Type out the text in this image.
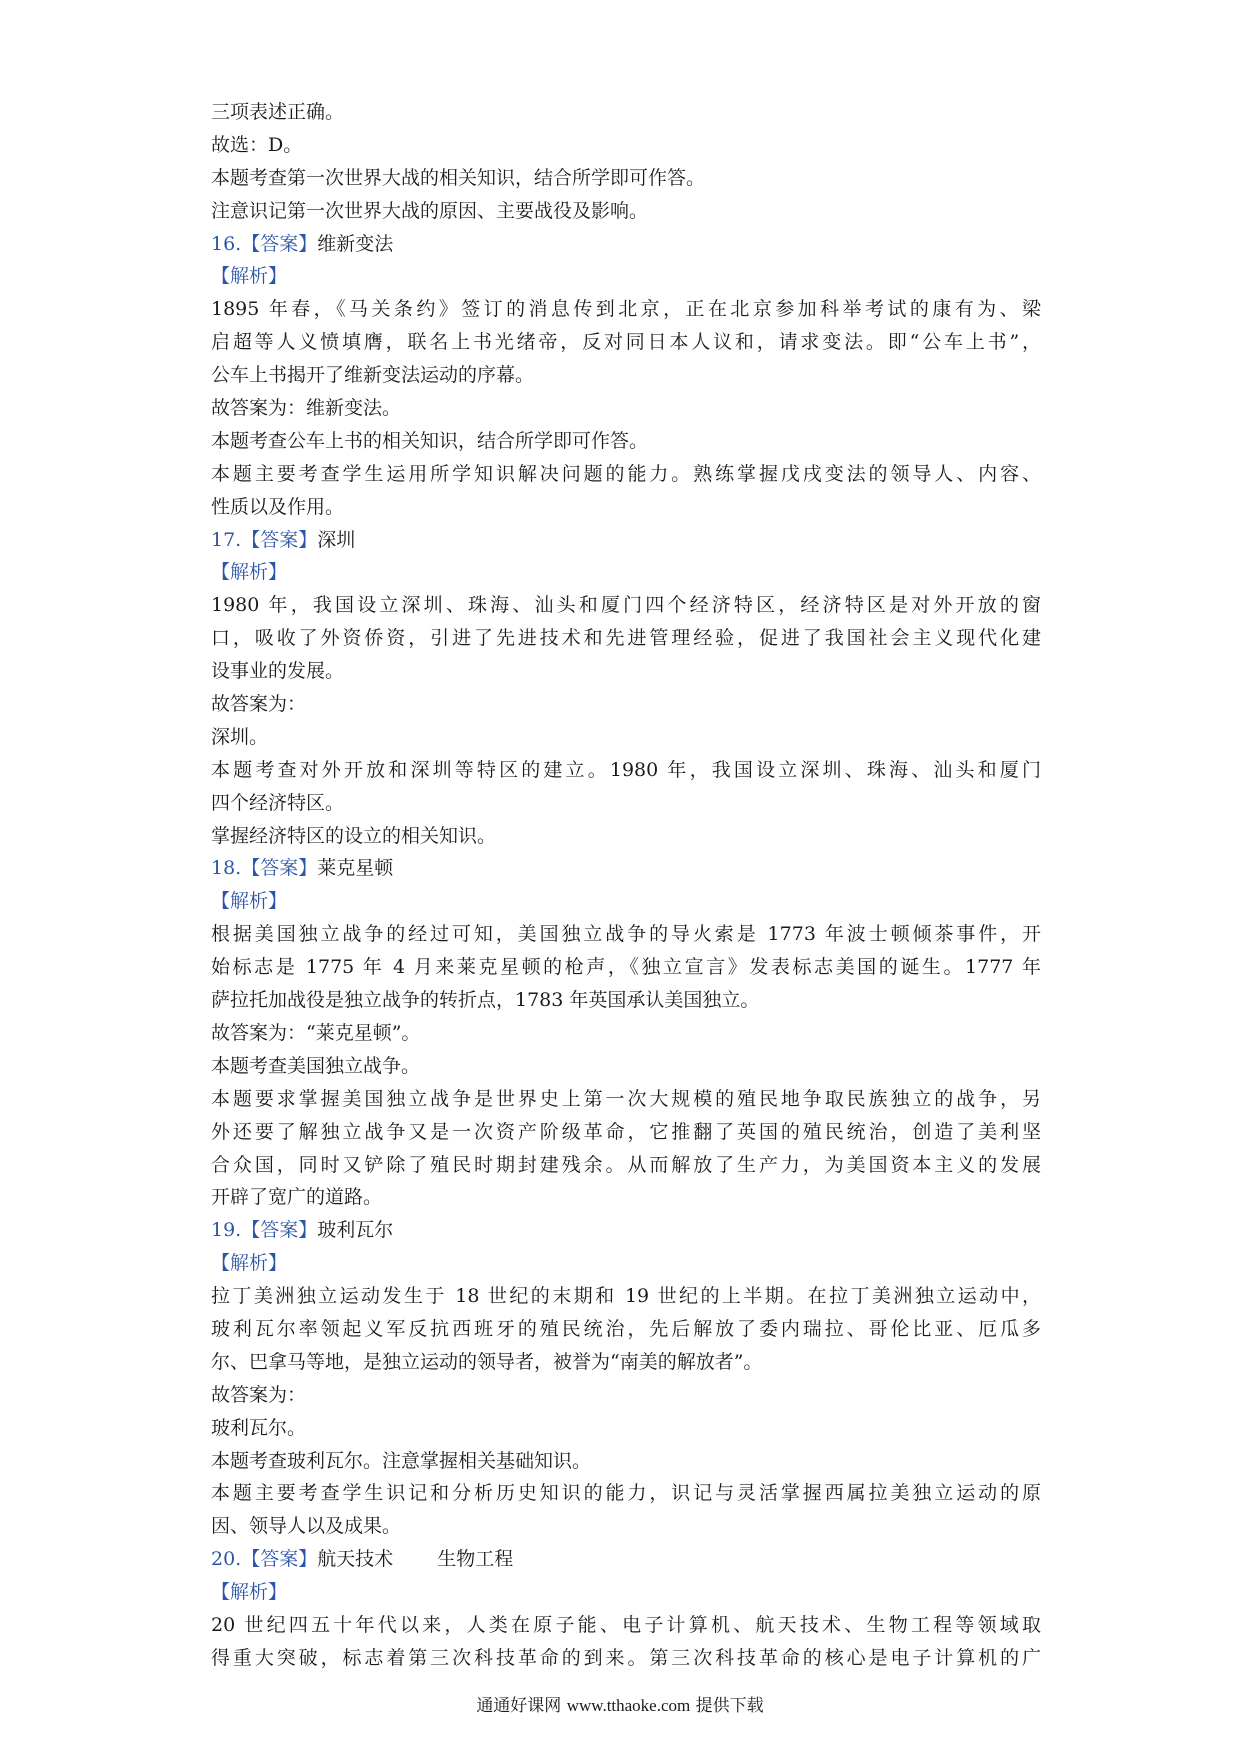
三项表述正确。
故选：D。
本题考查第一次世界大战的相关知识，结合所学即可作答。
注意识记第一次世界大战的原因、主要战役及影响。
16.【答案】维新变法
【解析】
1895 年春，《马关条约》签订的消息传到北京，正在北京参加科举考试的康有为、梁
启超等人义愤填膺，联名上书光绪帝，反对同日本人议和，请求变法。即“公车上书”，
公车上书揭开了维新变法运动的序幕。
故答案为：维新变法。
本题考查公车上书的相关知识，结合所学即可作答。
本题主要考查学生运用所学知识解决问题的能力。熟练掌握戊戌变法的领导人、内容、
性质以及作用。
17.【答案】深圳
【解析】
1980 年，我国设立深圳、珠海、汕头和厦门四个经济特区，经济特区是对外开放的窗
口，吸收了外资侨资，引进了先进技术和先进管理经验，促进了我国社会主义现代化建
设事业的发展。
故答案为：
深圳。
本题考查对外开放和深圳等特区的建立。1980 年，我国设立深圳、珠海、汕头和厦门
四个经济特区。
掌握经济特区的设立的相关知识。
18.【答案】莱克星顿
【解析】
根据美国独立战争的经过可知，美国独立战争的导火索是 1773 年波士顿倾茶事件，开
始标志是 1775 年 4 月来莱克星顿的枪声，《独立宣言》发表标志美国的诞生。1777 年
萨拉托加战役是独立战争的转折点，1783 年英国承认美国独立。
故答案为：“莱克星顿”。
本题考查美国独立战争。
本题要求掌握美国独立战争是世界史上第一次大规模的殖民地争取民族独立的战争，另
外还要了解独立战争又是一次资产阶级革命，它推翻了英国的殖民统治，创造了美利坚
合众国，同时又铲除了殖民时期封建残余。从而解放了生产力，为美国资本主义的发展
开辟了宽广的道路。
19.【答案】玻利瓦尔
【解析】
拉丁美洲独立运动发生于 18 世纪的末期和 19 世纪的上半期。在拉丁美洲独立运动中，
玻利瓦尔率领起义军反抗西班牙的殖民统治，先后解放了委内瑞拉、哥伦比亚、厄瓜多
尔、巴拿马等地，是独立运动的领导者，被誉为“南美的解放者”。
故答案为：
玻利瓦尔。
本题考查玻利瓦尔。注意掌握相关基础知识。
本题主要考查学生识记和分析历史知识的能力，识记与灵活掌握西属拉美独立运动的原
因、领导人以及成果。
20.【答案】航天技术 生物工程
【解析】
20 世纪四五十年代以来，人类在原子能、电子计算机、航天技术、生物工程等领域取
得重大突破，标志着第三次科技革命的到来。第三次科技革命的核心是电子计算机的广
通通好课网 www.tthaoke.com 提供下载
